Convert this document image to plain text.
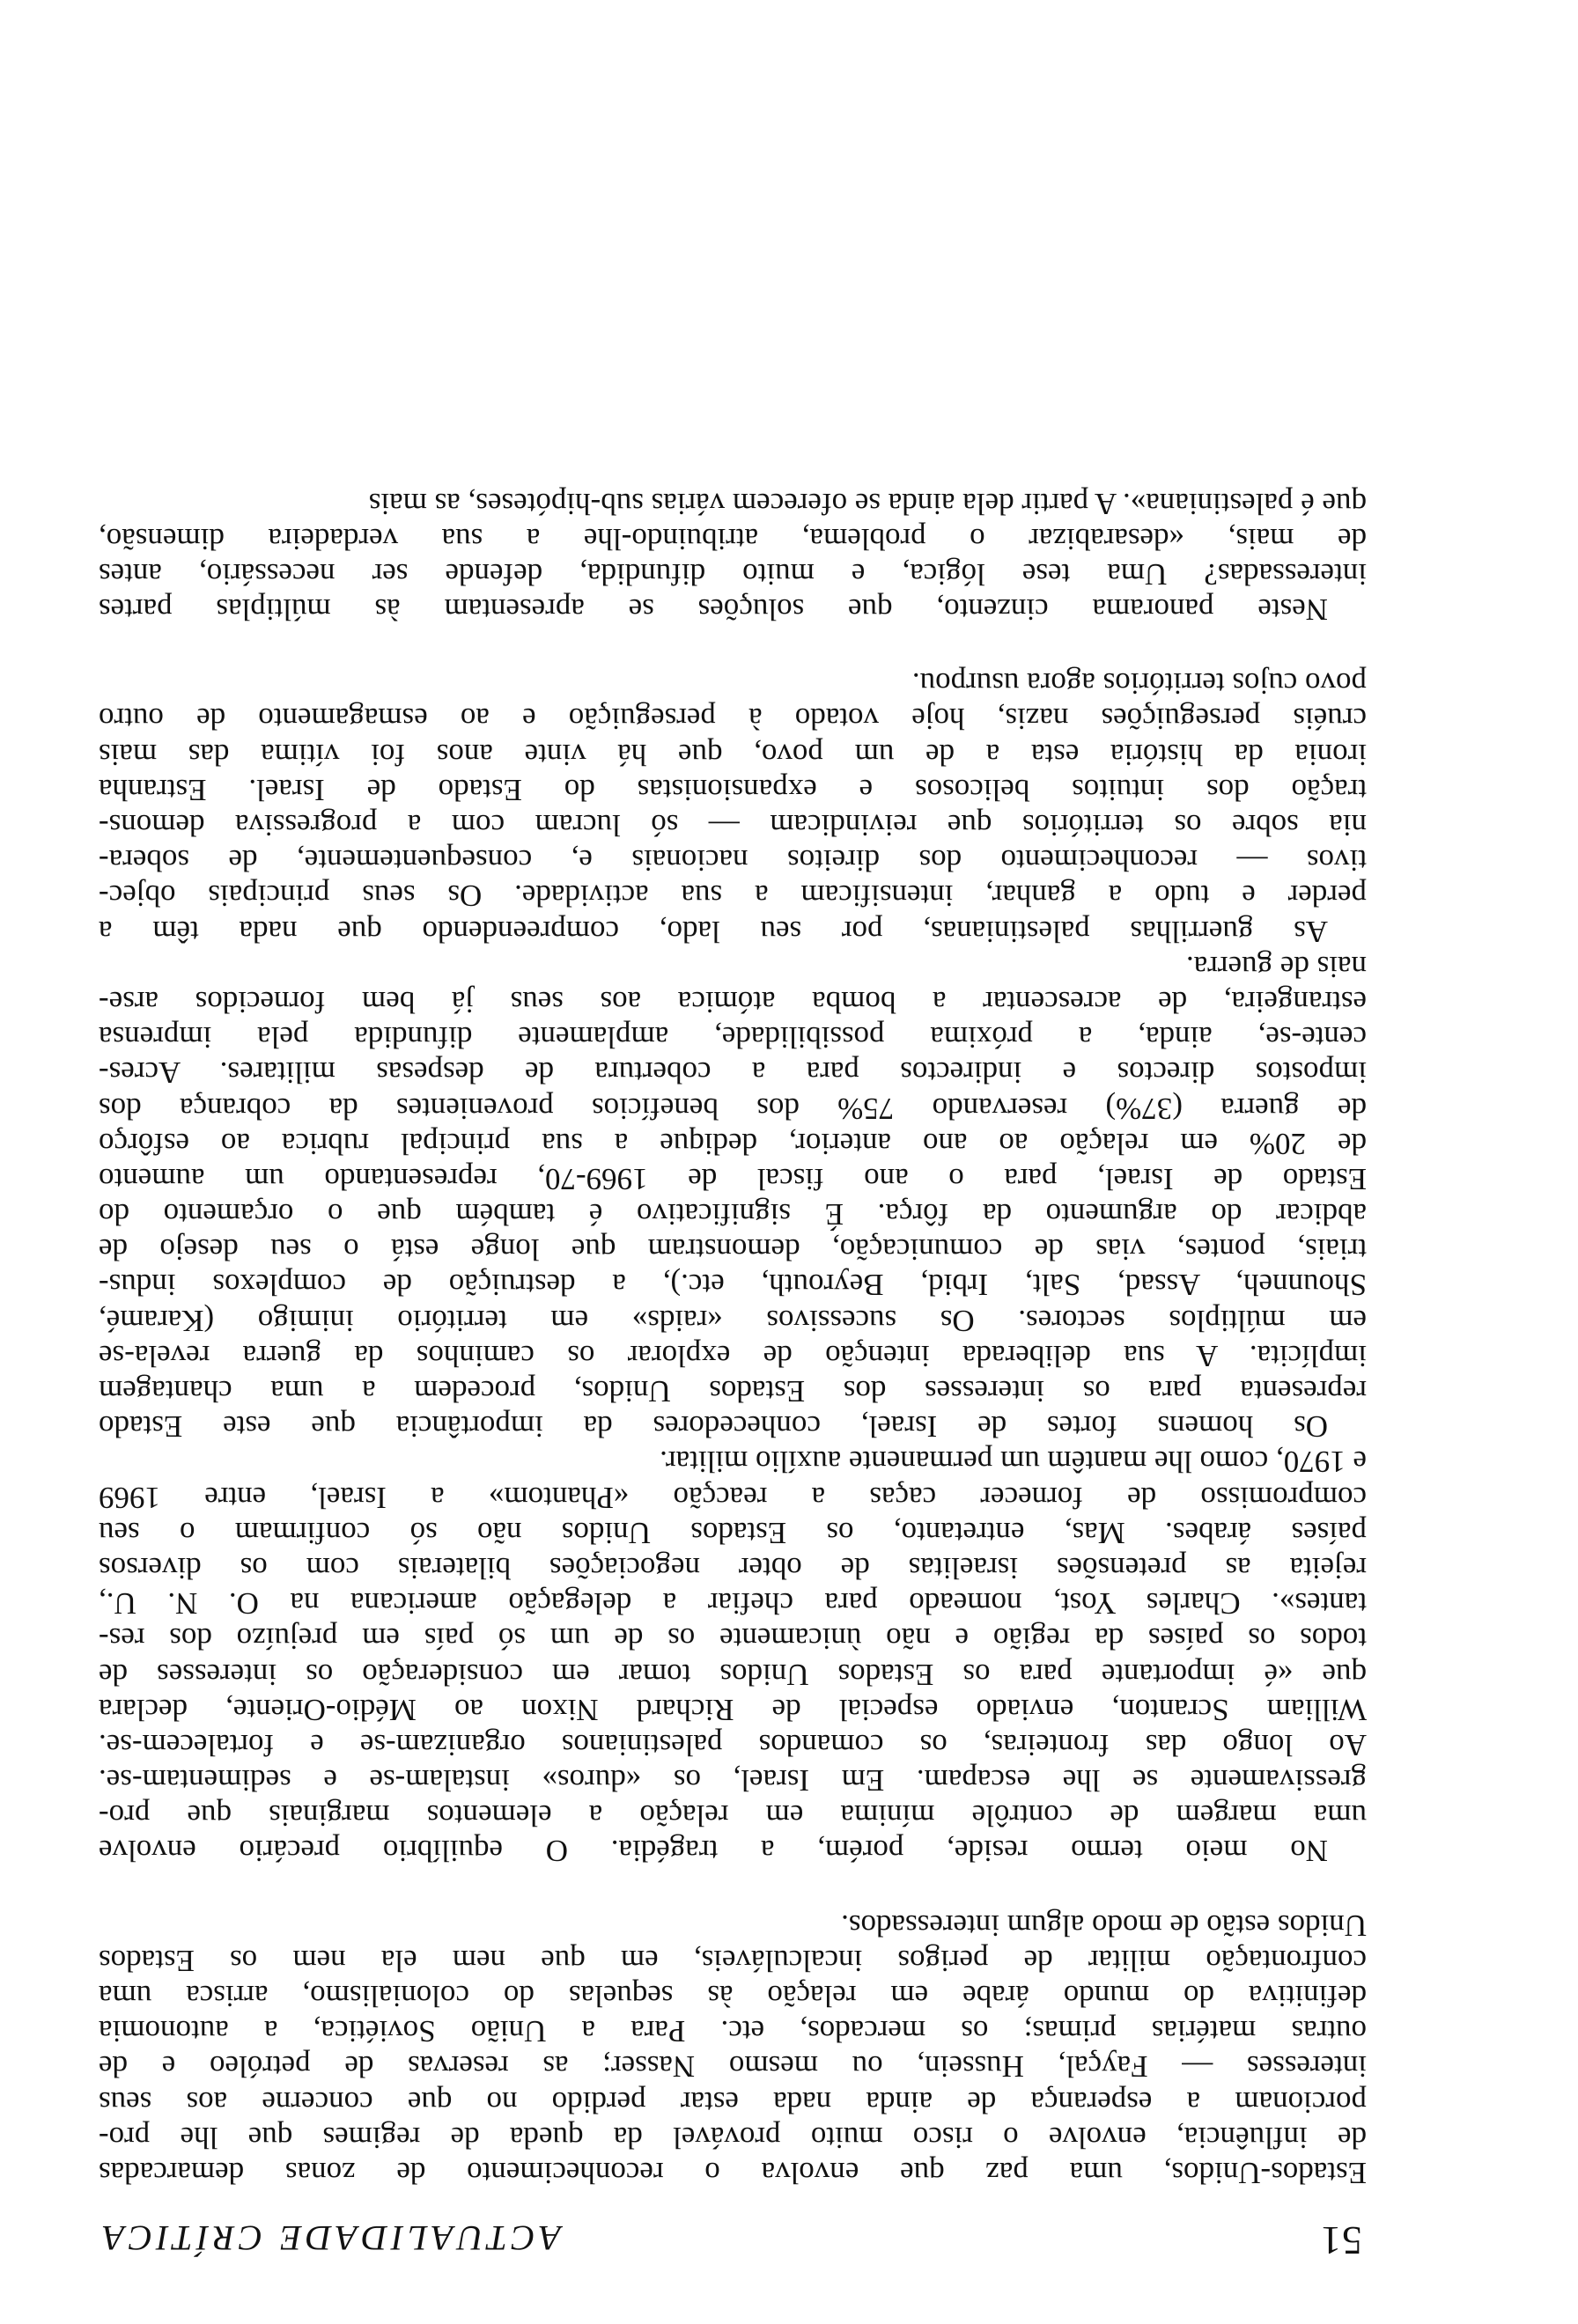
51
ACTUALIDADE CRÍTICA
Estados-Unidos, uma paz que envolva o reconhecimento de zonas demarcadas
de influência, envolve o risco muito provável da queda de regimes que lhe pro-
porcionam a esperança de ainda nada estar perdido no que concerne aos seus
interesses — Fayçal, Hussein, ou mesmo Nasser; as reservas de petróleo e de
outras matérias primas; os mercados, etc. Para a União Soviética, a autonomia
definitiva do mundo árabe em relação às sequelas do colonialismo, arrisca uma
confrontação militar de perigos incalculáveis, em que nem ela nem os Estados
Unidos estão de modo algum interessados.
No meio termo reside, porém, a tragédia. O equilíbrio precário envolve
uma margem de contrôle mínima em relação a elementos marginais que pro-
gressivamente se lhe escapam. Em Israel, os «duros» instalam-se e sedimentam-se.
Ao longo das fronteiras, os comandos palestinianos organizam-se e fortalecem-se.
William Scranton, enviado especial de Richard Nixon ao Médio-Oriente, declara
que «é importante para os Estados Unidos tomar em consideração os interesses de
todos os países da região e não ùnicamente os de um só país em prejuízo dos res-
tantes». Charles Yost, nomeado para chefiar a delegação americana na O. N. U.,
rejeita as pretensões israelitas de obter negociações bilaterais com os diversos
países árabes. Mas, entretanto, os Estados Unidos não só confirmam o seu
compromisso de fornecer caças a reacção «Phantom» a Israel, entre 1969
e 1970, como lhe mantêm um permanente auxílio militar.
Os homens fortes de Israel, conhecedores da importância que este Estado
representa para os interesses dos Estados Unidos, procedem a uma chantagem
implícita. A sua deliberada intenção de explorar os caminhos da guerra revela-se
em múltiplos sectores. Os sucessivos «raids» em território inimigo (Karamé,
Shounneh, Assad, Salt, Irbid, Beyrouth, etc.), a destruição de complexos indus-
triais, pontes, vias de comunicação, demonstram que longe está o seu desejo de
abdicar do argumento da fôrça. É significativo é também que o orçamento do
Estado de Israel, para o ano fiscal de 1969-70, representando um aumento
de 20% em relação ao ano anterior, dedique a sua principal rubrica ao esfôrço
de guerra (37%) reservando 75% dos benefícios provenientes da cobrança dos
impostos directos e indirectos para a cobertura de despesas militares. Acres-
cente-se, ainda, a próxima possibilidade, amplamente difundida pela imprensa
estrangeira, de acrescentar a bomba atómica aos seus já bem fornecidos arse-
nais de guerra.
As guerrilhas palestinianas, por seu lado, compreendendo que nada têm a
perder e tudo a ganhar, intensificam a sua actividade. Os seus principais objec-
tivos — reconhecimento dos direitos nacionais e, consequentemente, de sobera-
nia sobre os territórios que reivindicam — só lucram com a progressiva demons-
tração dos intuitos belicosos e expansionistas do Estado de Israel. Estranha
ironia da história esta a de um povo, que há vinte anos foi vítima das mais
cruéis perseguições nazis, hoje votado à perseguição e ao esmagamento de outro
povo cujos territórios agora usurpou.
Neste panorama cinzento, que soluções se apresentam às múltiplas partes
interessadas? Uma tese lógica, e muito difundida, defende ser necessário, antes
de mais, «desarabizar o problema, atribuindo-lhe a sua verdadeira dimensão,
que é palestiniana». A partir dela ainda se oferecem várias sub-hipóteses, as mais
